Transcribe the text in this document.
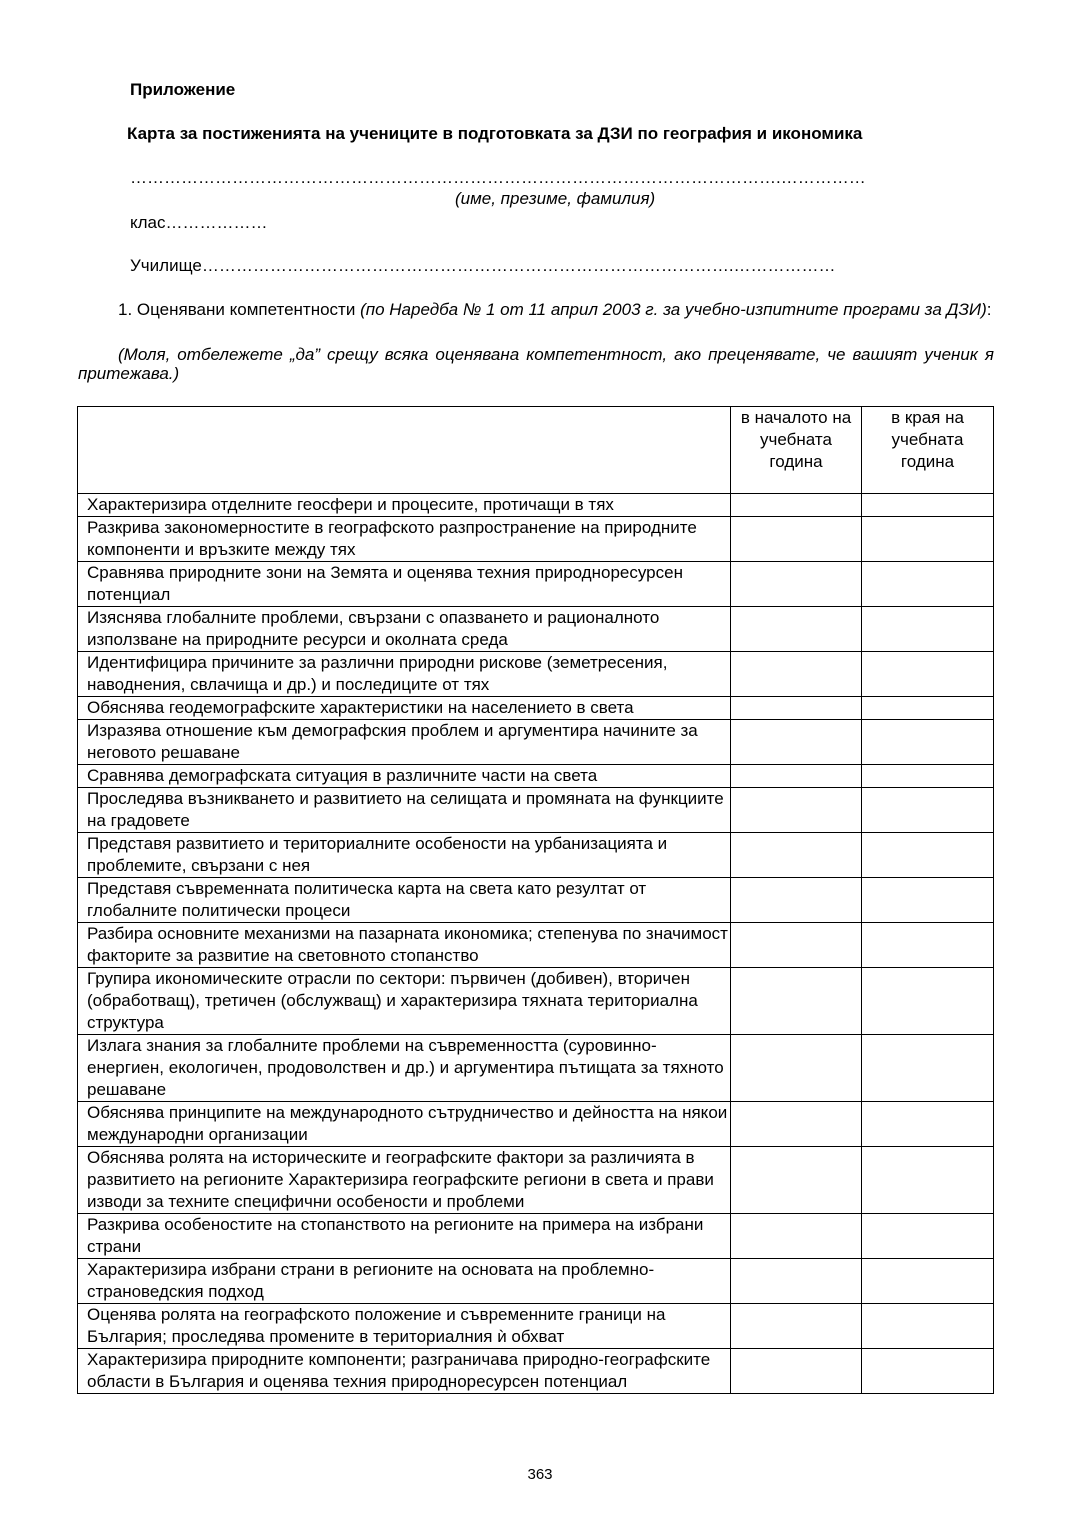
Приложение
Карта за постиженията на учениците в подготовката за ДЗИ по география и икономика
…………………………………………………………………………………………………….……………
(име, презиме, фамилия)
клас………………
Училище………………………………………………………………………………….………………
1. Оценявани компетентности (по Наредба № 1 от 11 април 2003 г. за учебно-изпитните програми за ДЗИ):
(Моля, отбележете „да” срещу всяка оценявана компетентност, ако преценявате, че вашият ученик я притежава.)
	в началото на учебната година	в края на учебната година
Характеризира отделните геосфери и процесите, протичащи в тях		
Разкрива закономерностите в географското разпространение на природните компоненти и връзките между тях		
Сравнява природните зони на Земята и оценява техния природноресурсен потенциал		
Изяснява глобалните проблеми, свързани с опазването и рационалното използване на природните ресурси и околната среда		
Идентифицира причините за различни природни рискове (земетресения, наводнения, свлачища и др.) и последиците от тях		
Обяснява геодемографските характеристики на населението в света		
Изразява отношение към демографския проблем и аргументира начините за неговото решаване		
Сравнява демографската ситуация в различните части на света		
Проследява възникването и развитието на селищата и промяната на функциите на градовете		
Представя развитието и териториалните особености на урбанизацията и проблемите, свързани с нея		
Представя съвременната политическа карта на света като резултат от глобалните политически процеси		
Разбира основните механизми на пазарната икономика; степенува по значимост факторите за развитие на световното стопанство		
Групира икономическите отрасли по сектори: първичен (добивен), вторичен (обработващ), третичен (обслужващ) и характеризира тяхната териториална структура		
Излага знания за глобалните проблеми на съвременността (суровинно-енергиен, екологичен, продоволствен и др.) и аргументира пътищата за тяхното решаване		
Обяснява принципите на международното сътрудничество и дейността на някои международни организации		
Обяснява ролята на историческите и географските фактори за различията в развитието на регионите Характеризира географските региони в света и прави изводи за техните специфични особености и проблеми		
Разкрива особеностите на стопанството на регионите на примера на избрани страни		
Характеризира избрани страни в регионите на основата на проблемно-страноведския подход		
Оценява ролята на географското положение и съвременните граници на България; проследява промените в териториалния ѝ обхват		
Характеризира природните компоненти; разграничава природно-географските области в България и оценява техния природноресурсен потенциал		
363
